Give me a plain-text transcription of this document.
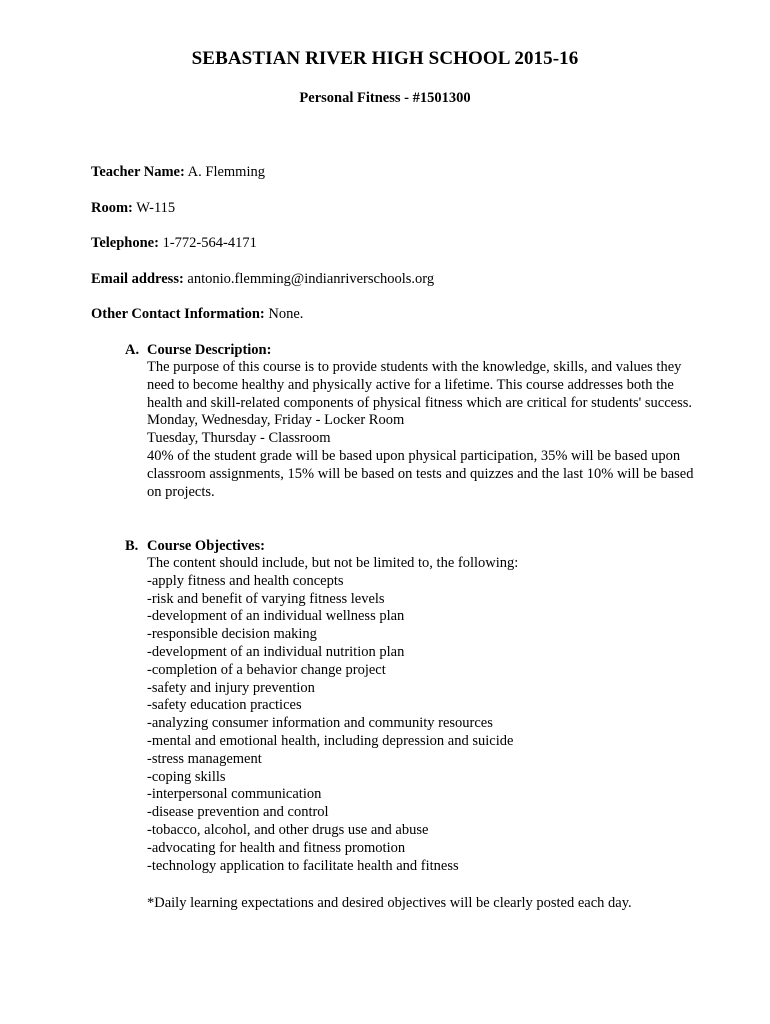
SEBASTIAN RIVER HIGH SCHOOL 2015-16
Personal Fitness - #1501300
Teacher Name: A. Flemming
Room: W-115
Telephone: 1-772-564-4171
Email address: antonio.flemming@indianriverschools.org
Other Contact Information: None.
A. Course Description:
The purpose of this course is to provide students with the knowledge, skills, and values they
need to become healthy and physically active for a lifetime. This course addresses both the
health and skill-related components of physical fitness which are critical for students' success.
Monday, Wednesday, Friday - Locker Room
Tuesday, Thursday - Classroom
40% of the student grade will be based upon physical participation, 35% will be based upon
classroom assignments, 15% will be based on tests and quizzes and the last 10% will be based
on projects.
B. Course Objectives:
The content should include, but not be limited to, the following:
-apply fitness and health concepts
-risk and benefit of varying fitness levels
-development of an individual wellness plan
-responsible decision making
-development of an individual nutrition plan
-completion of a behavior change project
-safety and injury prevention
-safety education practices
-analyzing consumer information and community resources
-mental and emotional health, including depression and suicide
-stress management
-coping skills
-interpersonal communication
-disease prevention and control
-tobacco, alcohol, and other drugs use and abuse
-advocating for health and fitness promotion
-technology application to facilitate health and fitness
*Daily learning expectations and desired objectives will be clearly posted each day.
